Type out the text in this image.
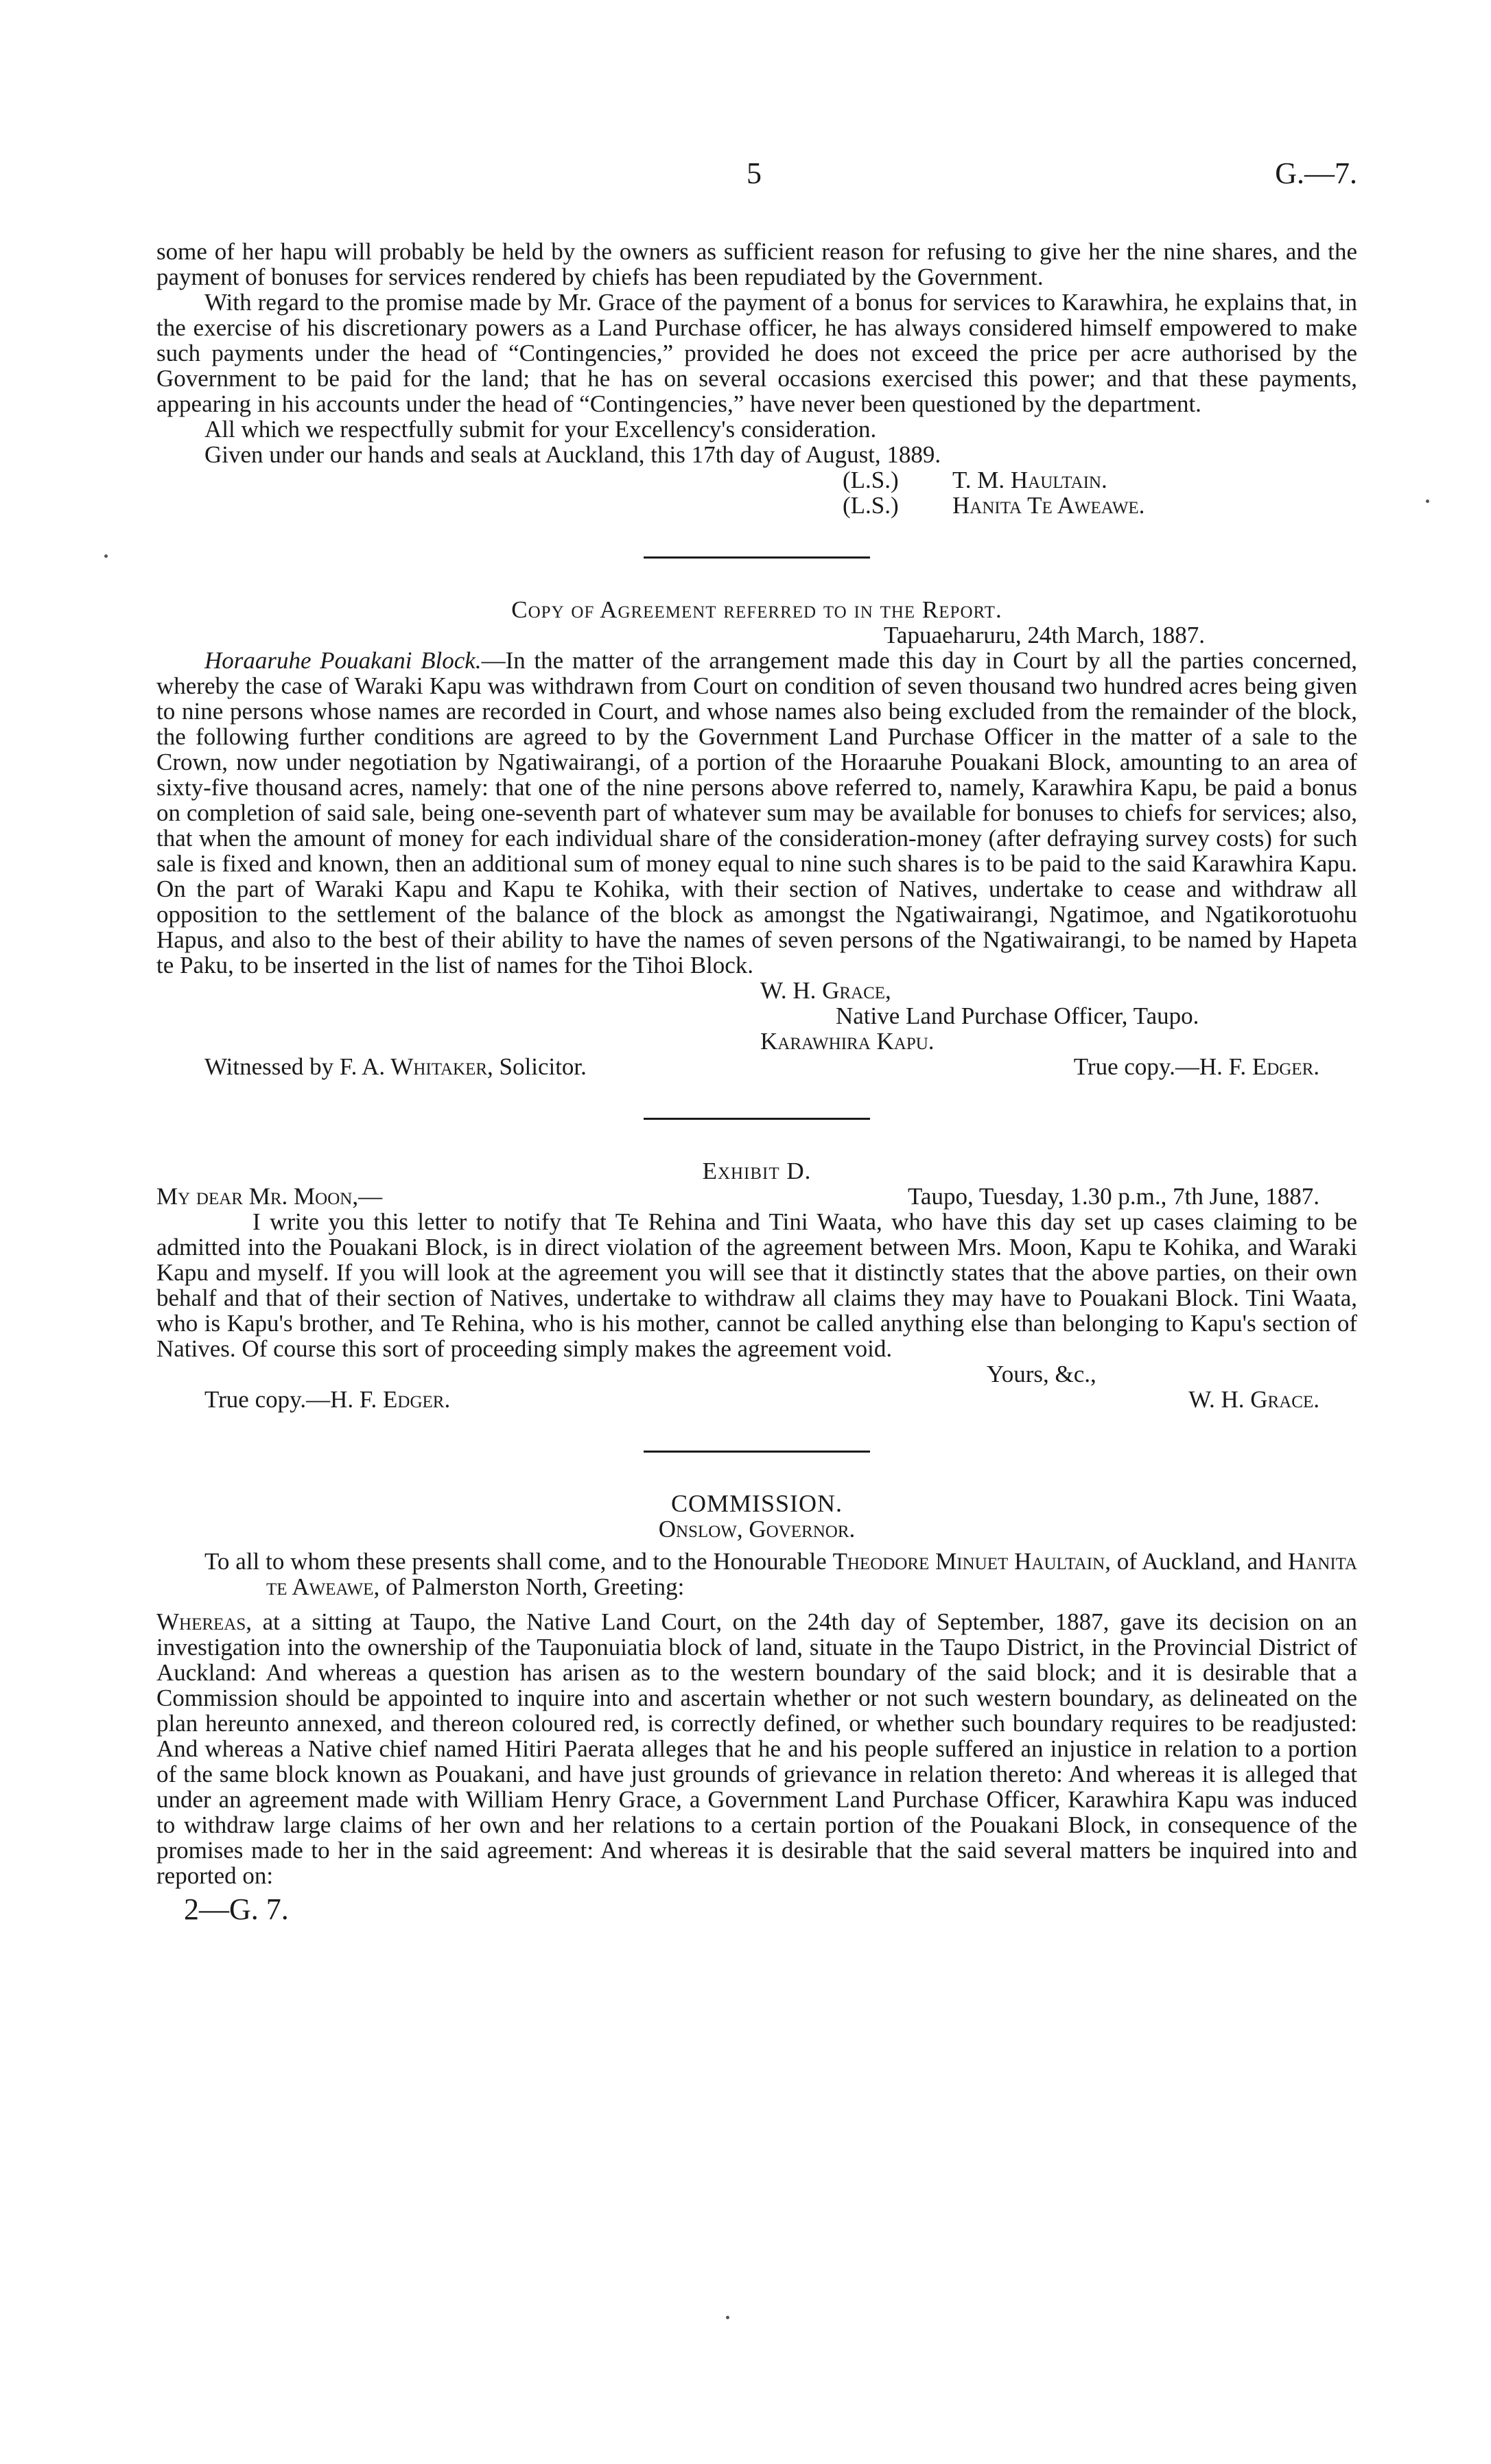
5	G.—7.

some of her hapu will probably be held by the owners as sufficient reason for refusing to give her the nine shares, and the payment of bonuses for services rendered by chiefs has been repudiated by the Government.

With regard to the promise made by Mr. Grace of the payment of a bonus for services to Karawhira, he explains that, in the exercise of his discretionary powers as a Land Purchase officer, he has always considered himself empowered to make such payments under the head of “Contingencies,” provided he does not exceed the price per acre authorised by the Government to be paid for the land; that he has on several occasions exercised this power; and that these payments, appearing in his accounts under the head of “Contingencies,” have never been questioned by the department.

All which we respectfully submit for your Excellency's consideration.

Given under our hands and seals at Auckland, this 17th day of August, 1889.

(L.S.)	T. M. Haultain.
(L.S.)	Hanita Te Aweawe.

Copy of Agreement referred to in the Report.

Tapuaeharuru, 24th March, 1887.

Horaaruhe Pouakani Block.—In the matter of the arrangement made this day in Court by all the parties concerned, whereby the case of Waraki Kapu was withdrawn from Court on condition of seven thousand two hundred acres being given to nine persons whose names are recorded in Court, and whose names also being excluded from the remainder of the block, the following further conditions are agreed to by the Government Land Purchase Officer in the matter of a sale to the Crown, now under negotiation by Ngatiwairangi, of a portion of the Horaaruhe Pouakani Block, amounting to an area of sixty-five thousand acres, namely: that one of the nine persons above referred to, namely, Karawhira Kapu, be paid a bonus on completion of said sale, being one-seventh part of whatever sum may be available for bonuses to chiefs for services; also, that when the amount of money for each individual share of the consideration-money (after defraying survey costs) for such sale is fixed and known, then an additional sum of money equal to nine such shares is to be paid to the said Karawhira Kapu. On the part of Waraki Kapu and Kapu te Kohika, with their section of Natives, undertake to cease and withdraw all opposition to the settlement of the balance of the block as amongst the Ngatiwairangi, Ngatimoe, and Ngatikorotuohu Hapus, and also to the best of their ability to have the names of seven persons of the Ngatiwairangi, to be named by Hapeta te Paku, to be inserted in the list of names for the Tihoi Block.

W. H. Grace,

Native Land Purchase Officer, Taupo.

Karawhira Kapu.

Witnessed by F. A. Whitaker, Solicitor.	True copy.—H. F. Edger.

Exhibit D.

My dear Mr. Moon,—	Taupo, Tuesday, 1.30 p.m., 7th June, 1887.

I write you this letter to notify that Te Rehina and Tini Waata, who have this day set up cases claiming to be admitted into the Pouakani Block, is in direct violation of the agreement between Mrs. Moon, Kapu te Kohika, and Waraki Kapu and myself. If you will look at the agreement you will see that it distinctly states that the above parties, on their own behalf and that of their section of Natives, undertake to withdraw all claims they may have to Pouakani Block. Tini Waata, who is Kapu's brother, and Te Rehina, who is his mother, cannot be called anything else than belonging to Kapu's section of Natives. Of course this sort of proceeding simply makes the agreement void.

Yours, &c.,

True copy.—H. F. Edger.	W. H. Grace.

COMMISSION.

Onslow, Governor.

To all to whom these presents shall come, and to the Honourable Theodore Minuet Haultain, of Auckland, and Hanita te Aweawe, of Palmerston North, Greeting:

Whereas, at a sitting at Taupo, the Native Land Court, on the 24th day of September, 1887, gave its decision on an investigation into the ownership of the Tauponuiatia block of land, situate in the Taupo District, in the Provincial District of Auckland: And whereas a question has arisen as to the western boundary of the said block; and it is desirable that a Commission should be appointed to inquire into and ascertain whether or not such western boundary, as delineated on the plan hereunto annexed, and thereon coloured red, is correctly defined, or whether such boundary requires to be readjusted: And whereas a Native chief named Hitiri Paerata alleges that he and his people suffered an injustice in relation to a portion of the same block known as Pouakani, and have just grounds of grievance in relation thereto: And whereas it is alleged that under an agreement made with William Henry Grace, a Government Land Purchase Officer, Karawhira Kapu was induced to withdraw large claims of her own and her relations to a certain portion of the Pouakani Block, in consequence of the promises made to her in the said agreement: And whereas it is desirable that the said several matters be inquired into and reported on:

2—G. 7.
